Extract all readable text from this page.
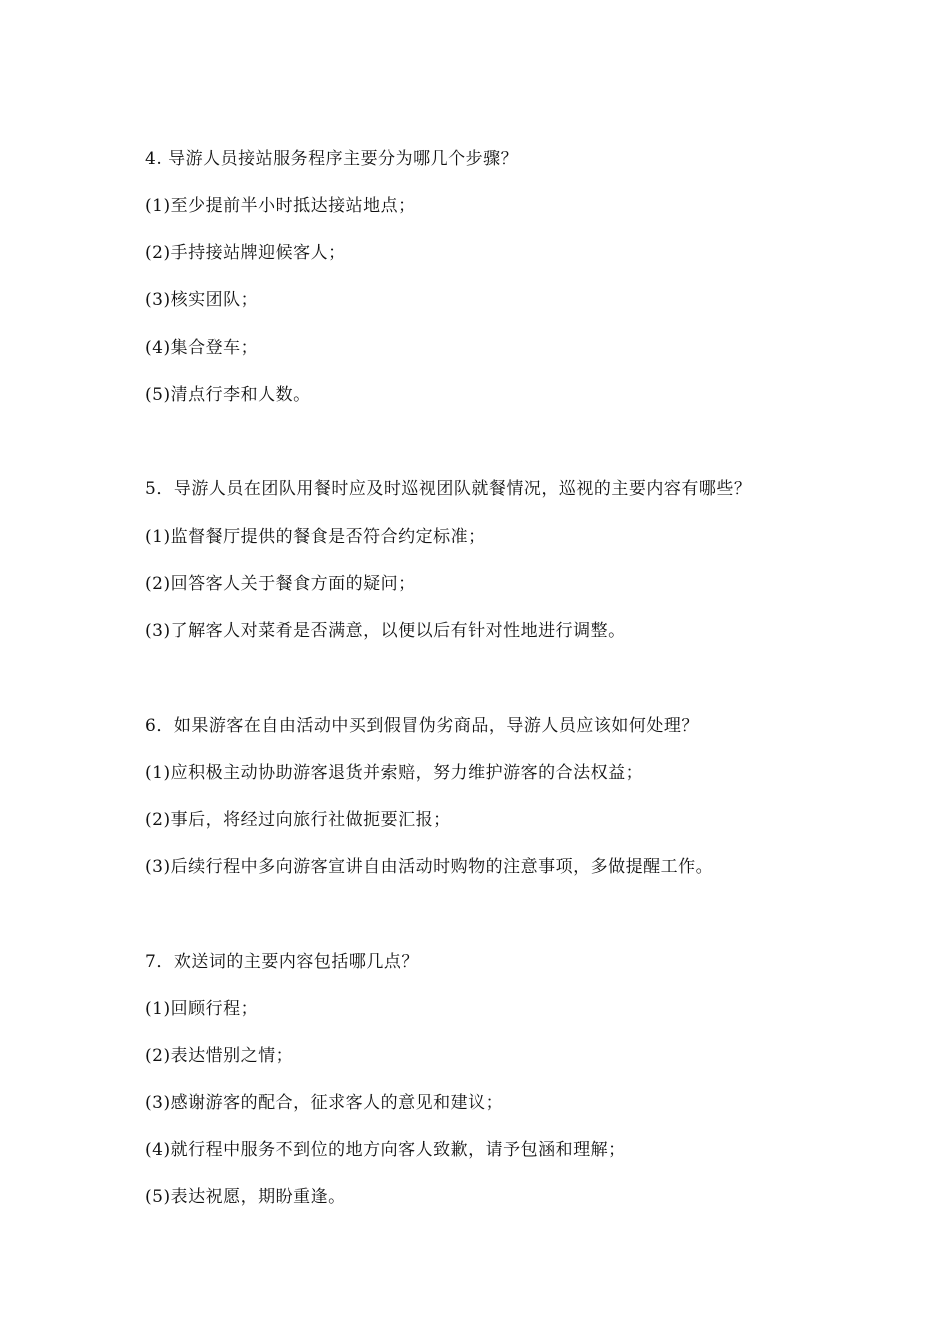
4. 导游人员接站服务程序主要分为哪几个步骤？
(1)至少提前半小时抵达接站地点；
(2)手持接站牌迎候客人；
(3)核实团队；
(4)集合登车；
(5)清点行李和人数。
5．导游人员在团队用餐时应及时巡视团队就餐情况，巡视的主要内容有哪些？
(1)监督餐厅提供的餐食是否符合约定标准；
(2)回答客人关于餐食方面的疑问；
(3)了解客人对菜肴是否满意，以便以后有针对性地进行调整。
6．如果游客在自由活动中买到假冒伪劣商品，导游人员应该如何处理？
(1)应积极主动协助游客退货并索赔，努力维护游客的合法权益；
(2)事后，将经过向旅行社做扼要汇报；
(3)后续行程中多向游客宣讲自由活动时购物的注意事项，多做提醒工作。
7．欢送词的主要内容包括哪几点？
(1)回顾行程；
(2)表达惜别之情；
(3)感谢游客的配合，征求客人的意见和建议；
(4)就行程中服务不到位的地方向客人致歉，请予包涵和理解；
(5)表达祝愿，期盼重逢。
